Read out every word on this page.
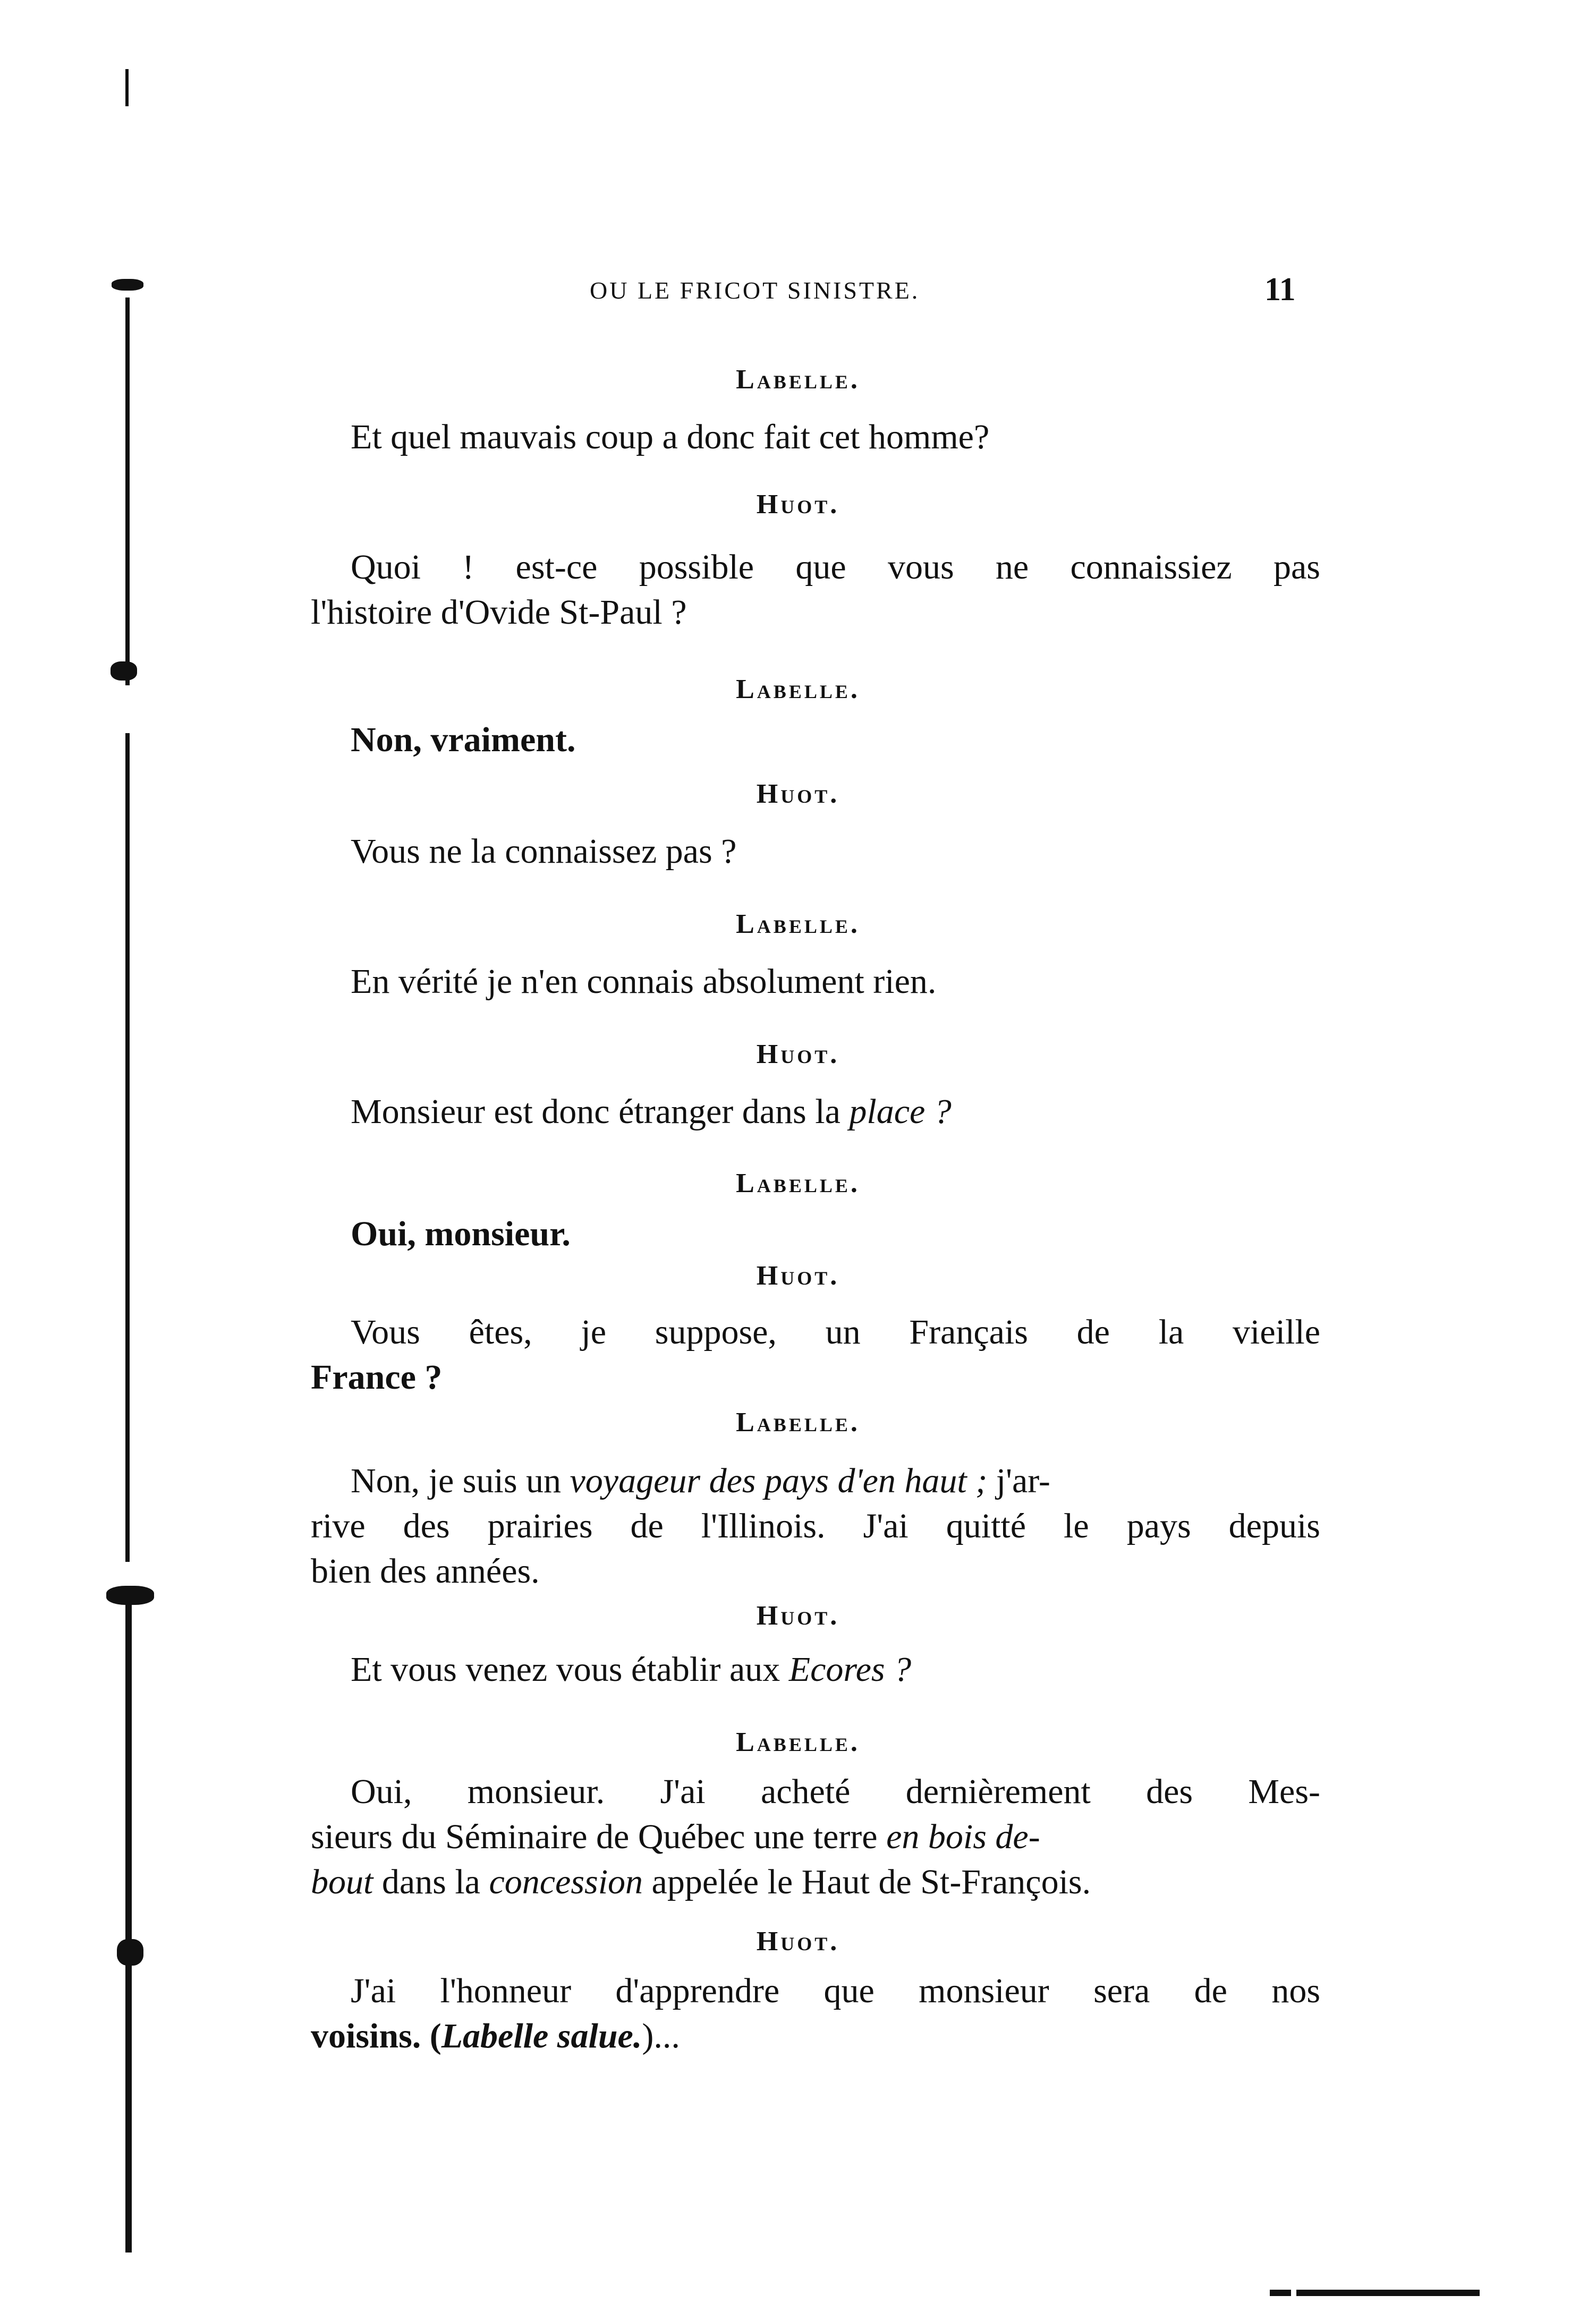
OU LE FRICOT SINISTRE.	11
Labelle.
Et quel mauvais coup a donc fait cet homme?
Huot.
Quoi ! est-ce possible que vous ne connaissiez pas
l'histoire d'Ovide St-Paul ?
Labelle.
Non, vraiment.
Huot.
Vous ne la connaissez pas ?
Labelle.
En vérité je n'en connais absolument rien.
Huot.
Monsieur est donc étranger dans la place ?
Labelle.
Oui, monsieur.
Huot.
Vous êtes, je suppose, un Français de la vieille
France ?
Labelle.
Non, je suis un voyageur des pays d'en haut ; j'ar-
rive des prairies de l'Illinois. J'ai quitté le pays depuis
bien des années.
Huot.
Et vous venez vous établir aux Ecores ?
Labelle.
Oui, monsieur. J'ai acheté dernièrement des Mes-
sieurs du Séminaire de Québec une terre en bois de-
bout dans la concession appelée le Haut de St-François.
Huot.
J'ai l'honneur d'apprendre que monsieur sera de nos
voisins. (Labelle salue.)...
